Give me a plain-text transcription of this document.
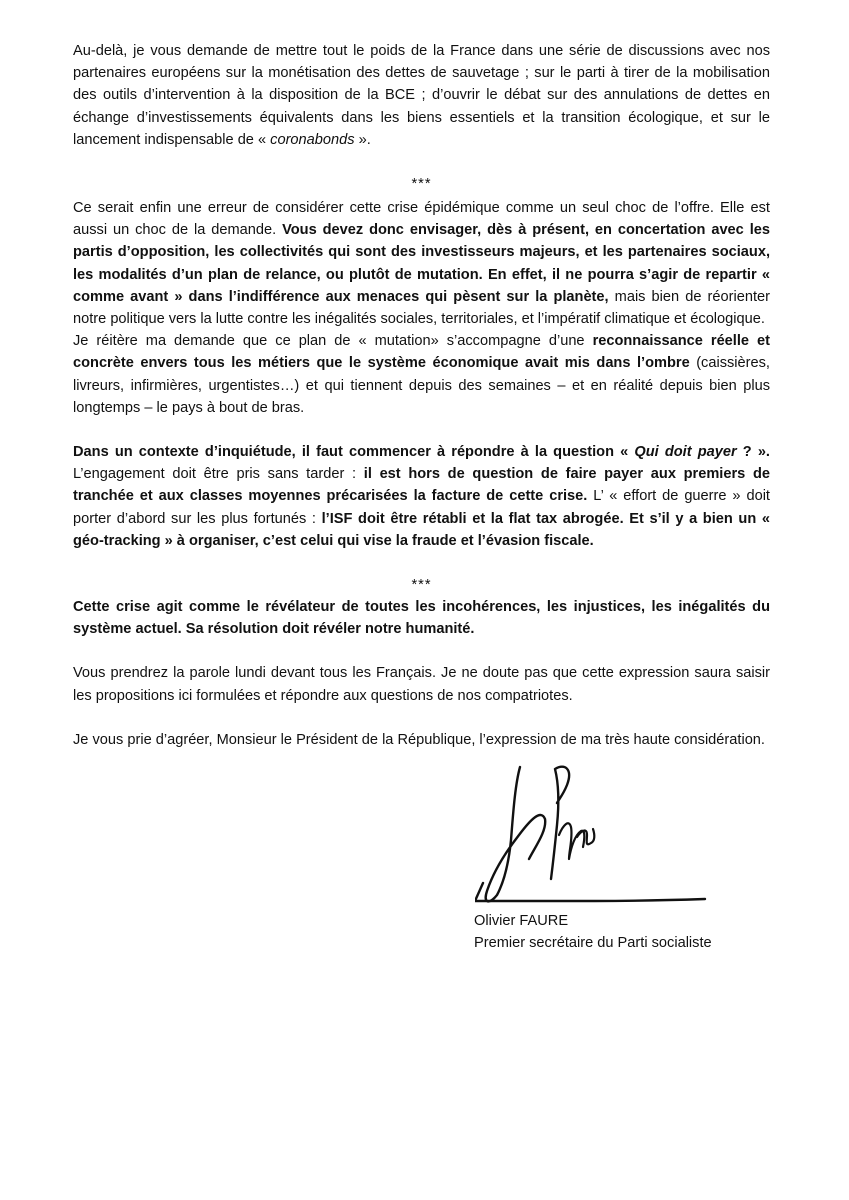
Au-delà, je vous demande de mettre tout le poids de la France dans une série de discussions avec nos partenaires européens sur la monétisation des dettes de sauvetage ; sur le parti à tirer de la mobilisation des outils d’intervention à la disposition de la BCE ; d’ouvrir le débat sur des annulations de dettes en échange d’investissements équivalents dans les biens essentiels et la transition écologique, et sur le lancement indispensable de « coronabonds ».

***

Ce serait enfin une erreur de considérer cette crise épidémique comme un seul choc de l’offre. Elle est aussi un choc de la demande. Vous devez donc envisager, dès à présent, en concertation avec les partis d’opposition, les collectivités qui sont des investisseurs majeurs, et les partenaires sociaux, les modalités d’un plan de relance, ou plutôt de mutation. En effet, il ne pourra s’agir de repartir « comme avant » dans l’indifférence aux menaces qui pèsent sur la planète, mais bien de réorienter notre politique vers la lutte contre les inégalités sociales, territoriales, et l’impératif climatique et écologique.

Je réitère ma demande que ce plan de « mutation» s’accompagne d’une reconnaissance réelle et concrète envers tous les métiers que le système économique avait mis dans l’ombre (caissières, livreurs, infirmières, urgentistes…) et qui tiennent depuis des semaines – et en réalité depuis bien plus longtemps – le pays à bout de bras.

Dans un contexte d’inquiétude, il faut commencer à répondre à la question « Qui doit payer ? ». L’engagement doit être pris sans tarder : il est hors de question de faire payer aux premiers de tranchée et aux classes moyennes précarisées la facture de cette crise. L’ « effort de guerre » doit porter d’abord sur les plus fortunés : l’ISF doit être rétabli et la flat tax abrogée. Et s’il y a bien un « géo-tracking » à organiser, c’est celui qui vise la fraude et l’évasion fiscale.

***

Cette crise agit comme le révélateur de toutes les incohérences, les injustices, les inégalités du système actuel. Sa résolution doit révéler notre humanité.

Vous prendrez la parole lundi devant tous les Français. Je ne doute pas que cette expression saura saisir les propositions ici formulées et répondre aux questions de nos compatriotes.

Je vous prie d’agréer, Monsieur le Président de la République, l’expression de ma très haute considération.

Olivier FAURE

Premier secrétaire du Parti socialiste
